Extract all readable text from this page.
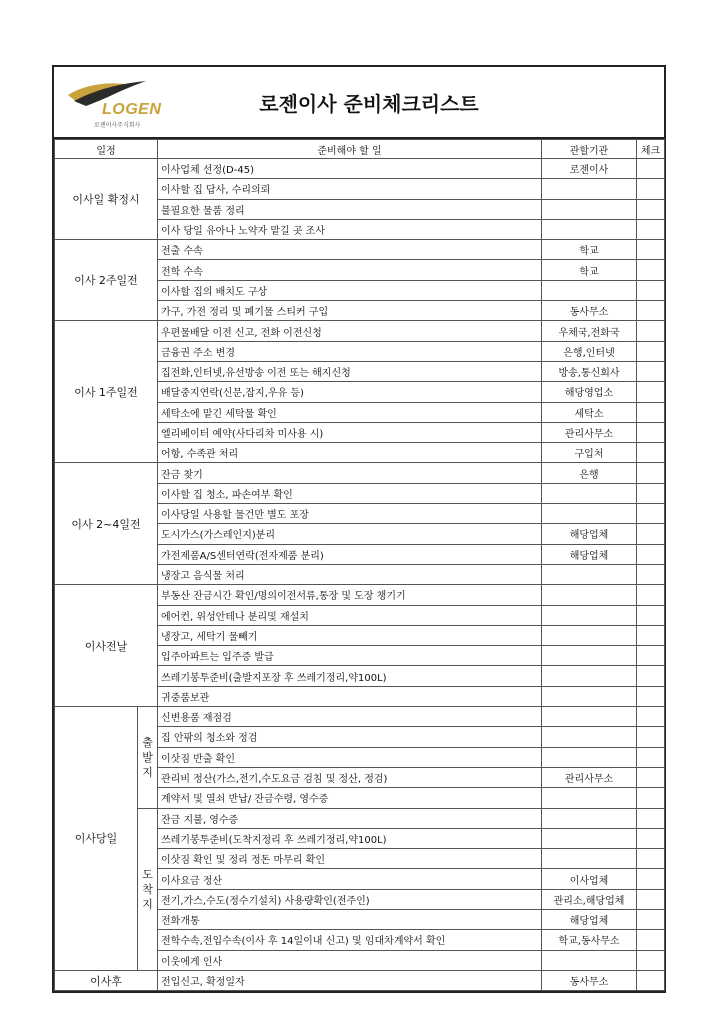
LOGEN
로젠이사주식회사
로젠이사 준비체크리스트
일정		준비해야 할 일	관할기관	체크
이사일 확정시		이사업체 선정(D-45)	로젠이사	
		이사할 집 답사, 수리의뢰		
		불필요한 물품 정리		
		이사 당일 유아나 노약자 맡길 곳 조사		
이사 2주일전		전출 수속	학교	
		전학 수속	학교	
		이사할 집의 배치도 구상		
		가구, 가전 정리 및 폐기물 스티커 구입	동사무소	
이사 1주일전		우편물배달 이전 신고, 전화 이전신청	우체국,전화국	
		금융권 주소 변경	은행,인터넷	
		집전화,인터넷,유선방송 이전 또는 해지신청	방송,통신회사	
		배달중지연락(신문,잡지,우유 등)	해당영업소	
		세탁소에 맡긴 세탁물 확인	세탁소	
		엘리베이터 예약(사다리차 미사용 시)	관리사무소	
		어항, 수족관 처리	구입처	
이사 2~4일전		잔금 찾기	은행	
		이사할 집 청소, 파손여부 확인		
		이사당일 사용할 물건만 별도 포장		
		도시가스(가스레인지)분리	해당업체	
		가전제품A/S센터연락(전자제품 분리)	해당업체	
		냉장고 음식물 처리		
이사전날		부동산 잔금시간 확인/명의이전서류,통장 및 도장 챙기기		
		에어컨, 위성안테나 분리및 재설치		
		냉장고, 세탁기 물빼기		
		입주아파트는 입주증 발급		
		쓰레기봉투준비(출발지포장 후 쓰레기정리,약100L)		
		귀중품보관		
이사당일	출발지	신변용품 재점검		
		집 안팎의 청소와 정검		
		이삿짐 반출 확인		
		관리비 정산(가스,전기,수도요금 검침 및 정산, 정검)	관리사무소	
		계약서 및 열쇠 반납/ 잔금수령, 영수증		
	도착지	잔금 지불, 영수증		
		쓰레기봉투준비(도착지정리 후 쓰레기정리,약100L)		
		이삿짐 확인 및 정리 정돈 마무리 확인		
		이사요금 정산	이사업체	
		전기,가스,수도(정수기설치) 사용량확인(전주인)	관리소,해당업체	
		전화개통	해당업체	
		전학수속,전입수속(이사 후 14일이내 신고) 및 임대차계약서 확인	학교,동사무소	
		이웃에게 인사		
이사후		전입신고, 확정일자	동사무소	
